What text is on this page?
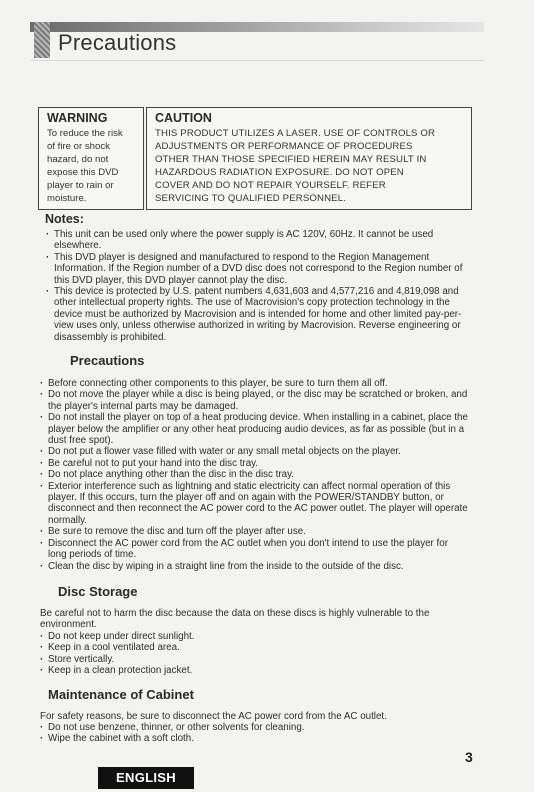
Precautions
WARNING
To reduce the risk
of fire or shock
hazard, do not
expose this DVD
player to rain or
moisture.
CAUTION
THIS PRODUCT UTILIZES A LASER. USE OF CONTROLS OR
ADJUSTMENTS OR PERFORMANCE OF PROCEDURES
OTHER THAN THOSE SPECIFIED HEREIN MAY RESULT IN
HAZARDOUS RADIATION EXPOSURE. DO NOT OPEN
COVER AND DO NOT REPAIR YOURSELF. REFER
SERVICING TO QUALIFIED PERSONNEL.
Notes:
· This unit can be used only where the power supply is AC 120V, 60Hz. It cannot be used elsewhere.
· This DVD player is designed and manufactured to respond to the Region Management Information. If the Region number of a DVD disc does not correspond to the Region number of this DVD player, this DVD player cannot play the disc.
· This device is protected by U.S. patent numbers 4,631,603 and 4,577,216 and 4,819,098 and other intellectual property rights. The use of Macrovision's copy protection technology in the device must be authorized by Macrovision and is intended for home and other limited pay-per-view uses only, unless otherwise authorized in writing by Macrovision. Reverse engineering or disassembly is prohibited.
Precautions
· Before connecting other components to this player, be sure to turn them all off.
· Do not move the player while a disc is being played, or the disc may be scratched or broken, and the player's internal parts may be damaged.
· Do not install the player on top of a heat producing device. When installing in a cabinet, place the player below the amplifier or any other heat producing audio devices, as far as possible (but in a dust free spot).
· Do not put a flower vase filled with water or any small metal objects on the player.
· Be careful not to put your hand into the disc tray.
· Do not place anything other than the disc in the disc tray.
· Exterior interference such as lightning and static electricity can affect normal operation of this player. If this occurs, turn the player off and on again with the POWER/STANDBY button, or disconnect and then reconnect the AC power cord to the AC power outlet. The player will operate normally.
· Be sure to remove the disc and turn off the player after use.
· Disconnect the AC power cord from the AC outlet when you don't intend to use the player for long periods of time.
· Clean the disc by wiping in a straight line from the inside to the outside of the disc.
Disc Storage

Be careful not to harm the disc because the data on these discs is highly vulnerable to the environment.

· Do not keep under direct sunlight.
· Keep in a cool ventilated area.
· Store vertically.
· Keep in a clean protection jacket.
Maintenance of Cabinet

For safety reasons, be sure to disconnect the AC power cord from the AC outlet.

· Do not use benzene, thinner, or other solvents for cleaning.
· Wipe the cabinet with a soft cloth.
3
ENGLISH
